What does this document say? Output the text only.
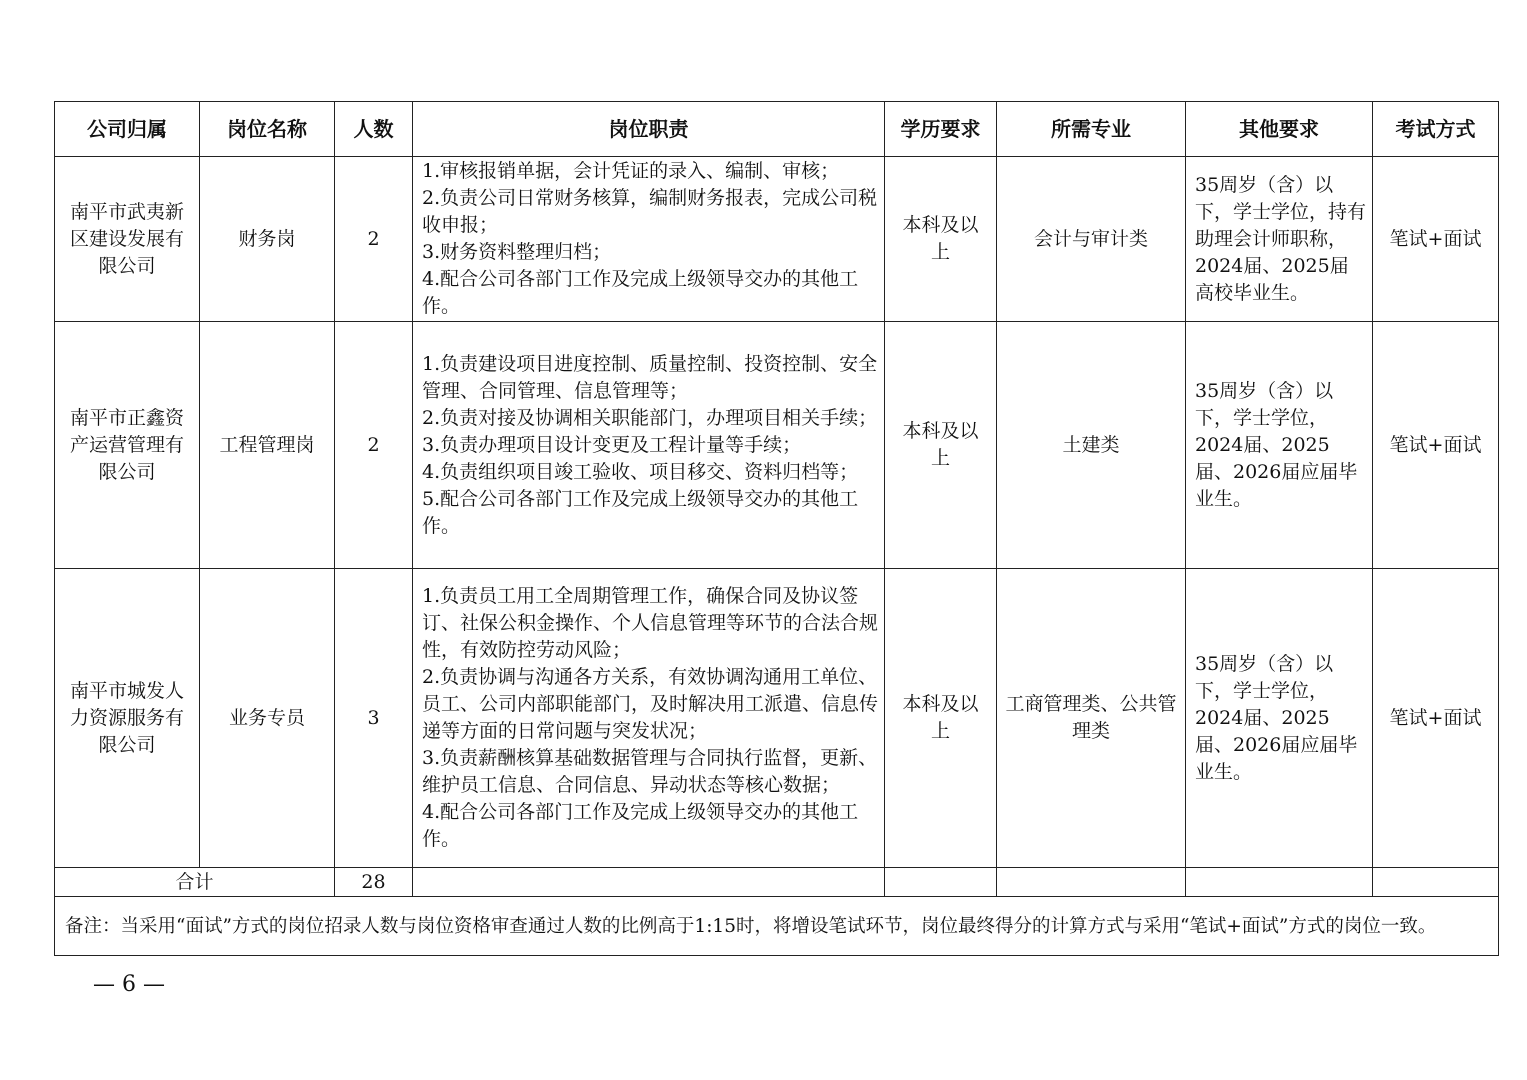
公司归属	岗位名称	人数	岗位职责	学历要求	所需专业	其他要求	考试方式
南平市武夷新区建设发展有限公司	财务岗	2	1.审核报销单据，会计凭证的录入、编制、审核；
2.负责公司日常财务核算，编制财务报表，完成公司税收申报；
3.财务资料整理归档；
4.配合公司各部门工作及完成上级领导交办的其他工作。	本科及以上	会计与审计类	35周岁（含）以下，学士学位，持有助理会计师职称，2024届、2025届高校毕业生。	笔试+面试
南平市正鑫资产运营管理有限公司	工程管理岗	2	1.负责建设项目进度控制、质量控制、投资控制、安全管理、合同管理、信息管理等；
2.负责对接及协调相关职能部门，办理项目相关手续；
3.负责办理项目设计变更及工程计量等手续；
4.负责组织项目竣工验收、项目移交、资料归档等；
5.配合公司各部门工作及完成上级领导交办的其他工作。	本科及以上	土建类	35周岁（含）以下，学士学位，2024届、2025届、2026届应届毕业生。	笔试+面试
南平市城发人力资源服务有限公司	业务专员	3	1.负责员工用工全周期管理工作，确保合同及协议签订、社保公积金操作、个人信息管理等环节的合法合规性，有效防控劳动风险；
2.负责协调与沟通各方关系，有效协调沟通用工单位、员工、公司内部职能部门，及时解决用工派遣、信息传递等方面的日常问题与突发状况；
3.负责薪酬核算基础数据管理与合同执行监督，更新、维护员工信息、合同信息、异动状态等核心数据；
4.配合公司各部门工作及完成上级领导交办的其他工作。	本科及以上	工商管理类、公共管理类	35周岁（含）以下，学士学位，2024届、2025届、2026届应届毕业生。	笔试+面试
合计		28					
备注：当采用“面试”方式的岗位招录人数与岗位资格审查通过人数的比例高于1:15时，将增设笔试环节，岗位最终得分的计算方式与采用“笔试+面试”方式的岗位一致。							
— 6 —
